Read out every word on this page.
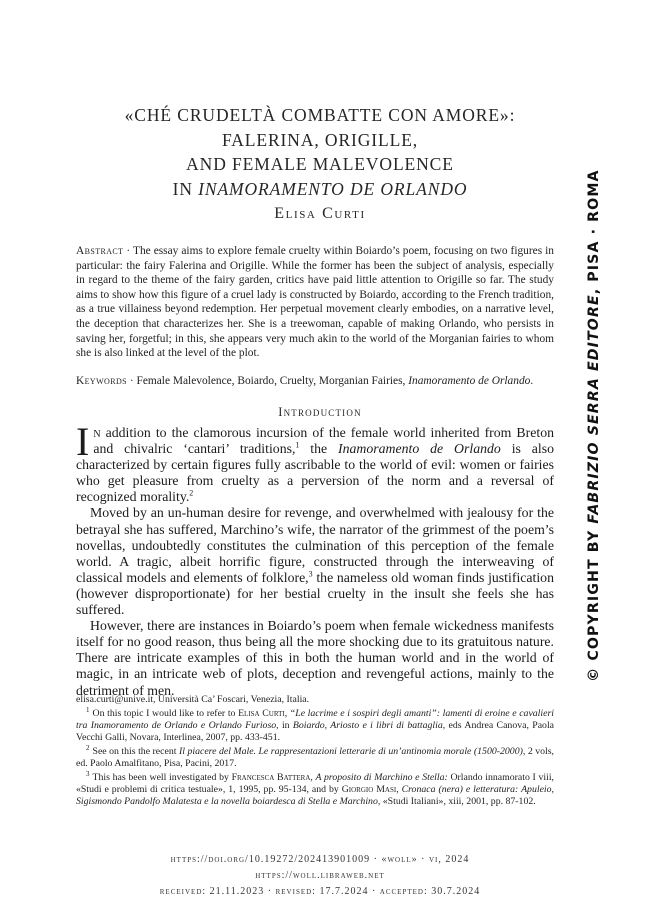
«CHÉ CRUDELTÀ COMBATTE CON AMORE»:
FALERINA, ORIGILLE,
AND FEMALE MALEVOLENCE
IN INAMORAMENTO DE ORLANDO
Elisa Curti
Abstract · The essay aims to explore female cruelty within Boiardo’s poem, focusing on two figures in particular: the fairy Falerina and Origille. While the former has been the subject of analysis, especially in regard to the theme of the fairy garden, critics have paid little attention to Origille so far. The study aims to show how this figure of a cruel lady is constructed by Boiardo, according to the French tradition, as a true villainess beyond redemption. Her perpetual movement clearly embodies, on a narrative level, the deception that characterizes her. She is a treewoman, capable of making Orlando, who persists in saving her, forgetful; in this, she appears very much akin to the world of the Morganian fairies to whom she is also linked at the level of the plot.
Keywords · Female Malevolence, Boiardo, Cruelty, Morganian Fairies, Inamoramento de Orlando.
Introduction

In addition to the clamorous incursion of the female world inherited from Breton and chivalric ‘cantari’ traditions,$^1$ the Inamoramento de Orlando is also characterized by certain figures fully ascribable to the world of evil: women or fairies who get pleasure from cruelty as a perversion of the norm and a reversal of recognized morality.$^2$

Moved by an un-human desire for revenge, and overwhelmed with jealousy for the betrayal she has suffered, Marchino’s wife, the narrator of the grimmest of the poem’s novellas, undoubtedly constitutes the culmination of this perception of the female world. A tragic, albeit horrific figure, constructed through the interweaving of classical models and elements of folklore,$^3$ the nameless old woman finds justification (however disproportionate) for her bestial cruelty in the insult she feels she has suffered.

However, there are instances in Boiardo’s poem when female wickedness manifests itself for no good reason, thus being all the more shocking due to its gratuitous nature. There are intricate examples of this in both the human world and in the world of magic, in an intricate web of plots, deception and revengeful actions, mainly to the detriment of men.

elisa.curti@unive.it, Università Ca’ Foscari, Venezia, Italia.

$^1$ On this topic I would like to refer to Elisa Curti, “Le lacrime e i sospiri degli amanti”: lamenti di eroine e cavalieri tra Inamoramento de Orlando e Orlando Furioso, in Boiardo, Ariosto e i libri di battaglia, eds Andrea Canova, Paola Vecchi Galli, Novara, Interlinea, 2007, pp. 433-451.

$^2$ See on this the recent Il piacere del Male. Le rappresentazioni letterarie di un’antinomia morale (1500-2000), 2 vols, ed. Paolo Amalfitano, Pisa, Pacini, 2017.

$^3$ This has been well investigated by Francesca Battera, A proposito di Marchino e Stella: Orlando innamorato I viii, «Studi e problemi di critica testuale», 1, 1995, pp. 95-134, and by Giorgio Masi, Cronaca (nera) e letteratura: Apuleio, Sigismondo Pandolfo Malatesta e la novella boiardesca di Stella e Marchino, «Studi Italiani», xiii, 2001, pp. 87-102.

https://doi.org/10.19272/202413901009 · «woll» · vi, 2024
https://woll.libraweb.net
received: 21.11.2023 · revised: 17.7.2024 · accepted: 30.7.2024
© COPYRIGHT BY FABRIZIO SERRA EDITORE, PISA · ROMA
